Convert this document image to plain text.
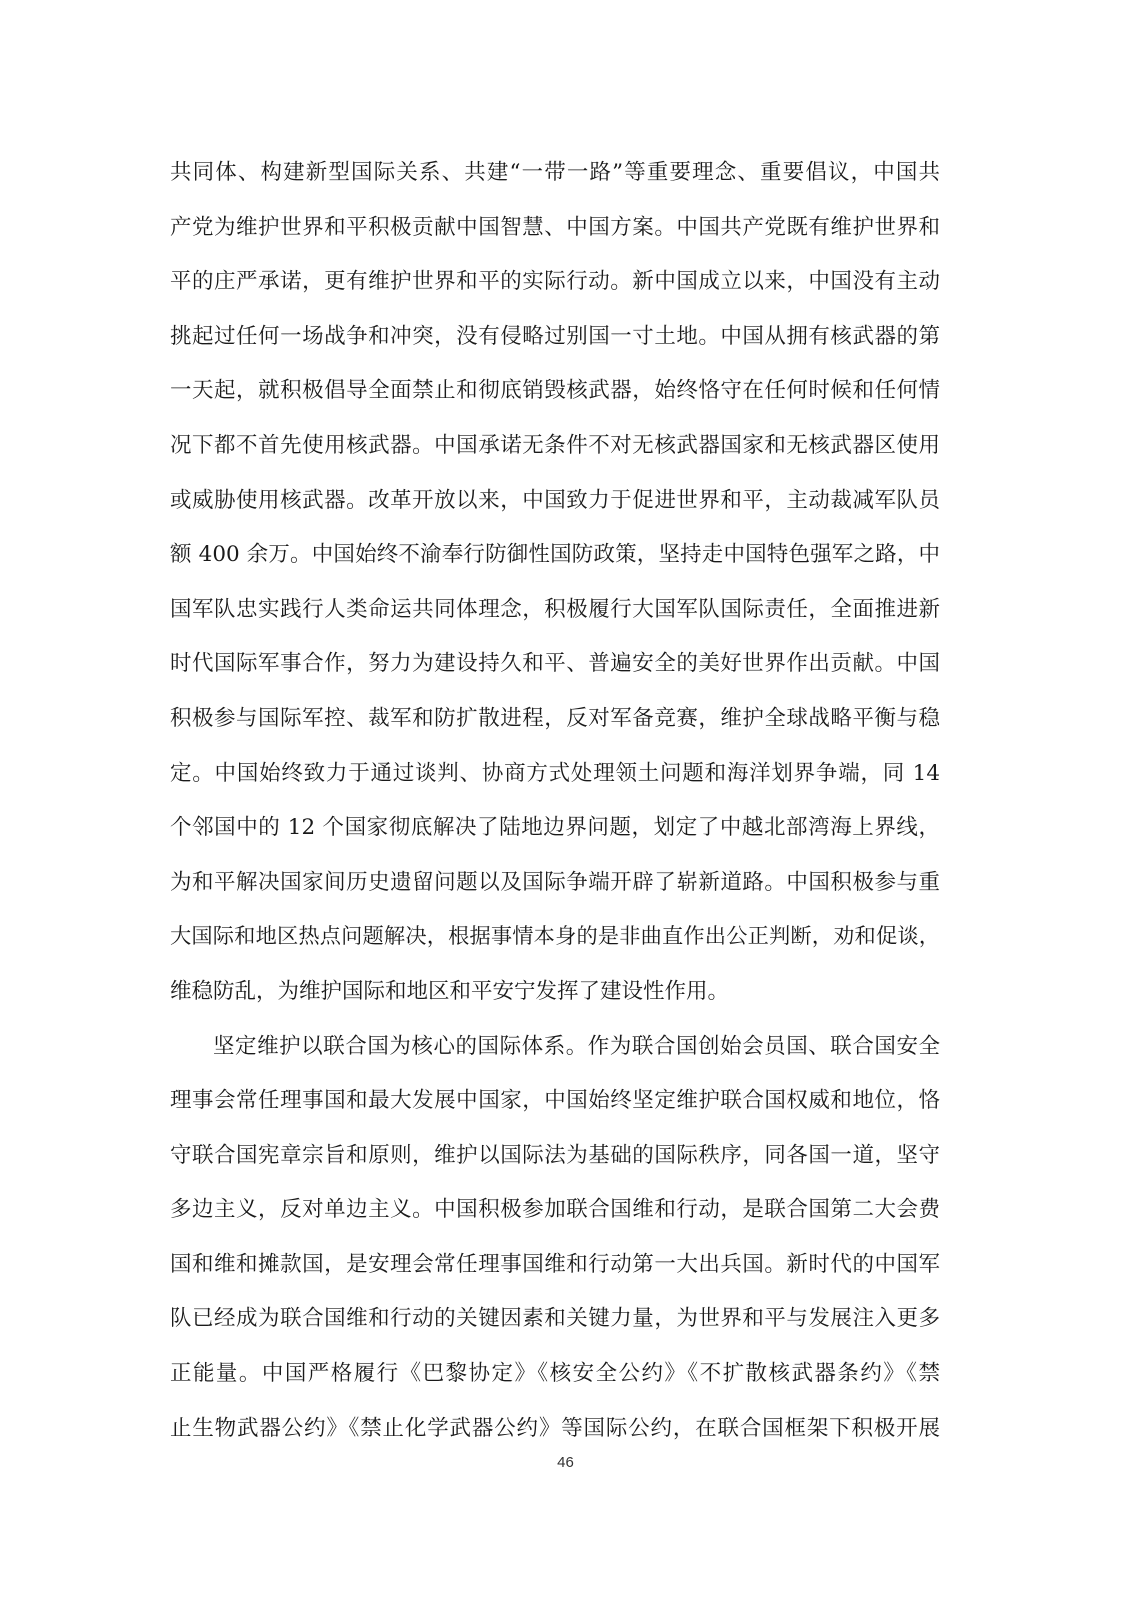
共同体、构建新型国际关系、共建“一带一路”等重要理念、重要倡议，中国共
产党为维护世界和平积极贡献中国智慧、中国方案。中国共产党既有维护世界和
平的庄严承诺，更有维护世界和平的实际行动。新中国成立以来，中国没有主动
挑起过任何一场战争和冲突，没有侵略过别国一寸土地。中国从拥有核武器的第
一天起，就积极倡导全面禁止和彻底销毁核武器，始终恪守在任何时候和任何情
况下都不首先使用核武器。中国承诺无条件不对无核武器国家和无核武器区使用
或威胁使用核武器。改革开放以来，中国致力于促进世界和平，主动裁减军队员
额 400 余万。中国始终不渝奉行防御性国防政策，坚持走中国特色强军之路，中
国军队忠实践行人类命运共同体理念，积极履行大国军队国际责任，全面推进新
时代国际军事合作，努力为建设持久和平、普遍安全的美好世界作出贡献。中国
积极参与国际军控、裁军和防扩散进程，反对军备竞赛，维护全球战略平衡与稳
定。中国始终致力于通过谈判、协商方式处理领土问题和海洋划界争端，同 14
个邻国中的 12 个国家彻底解决了陆地边界问题，划定了中越北部湾海上界线，
为和平解决国家间历史遗留问题以及国际争端开辟了崭新道路。中国积极参与重
大国际和地区热点问题解决，根据事情本身的是非曲直作出公正判断，劝和促谈，
维稳防乱，为维护国际和地区和平安宁发挥了建设性作用。
坚定维护以联合国为核心的国际体系。作为联合国创始会员国、联合国安全
理事会常任理事国和最大发展中国家，中国始终坚定维护联合国权威和地位，恪
守联合国宪章宗旨和原则，维护以国际法为基础的国际秩序，同各国一道，坚守
多边主义，反对单边主义。中国积极参加联合国维和行动，是联合国第二大会费
国和维和摊款国，是安理会常任理事国维和行动第一大出兵国。新时代的中国军
队已经成为联合国维和行动的关键因素和关键力量，为世界和平与发展注入更多
正能量。中国严格履行《巴黎协定》《核安全公约》《不扩散核武器条约》《禁
止生物武器公约》《禁止化学武器公约》等国际公约，在联合国框架下积极开展
46
